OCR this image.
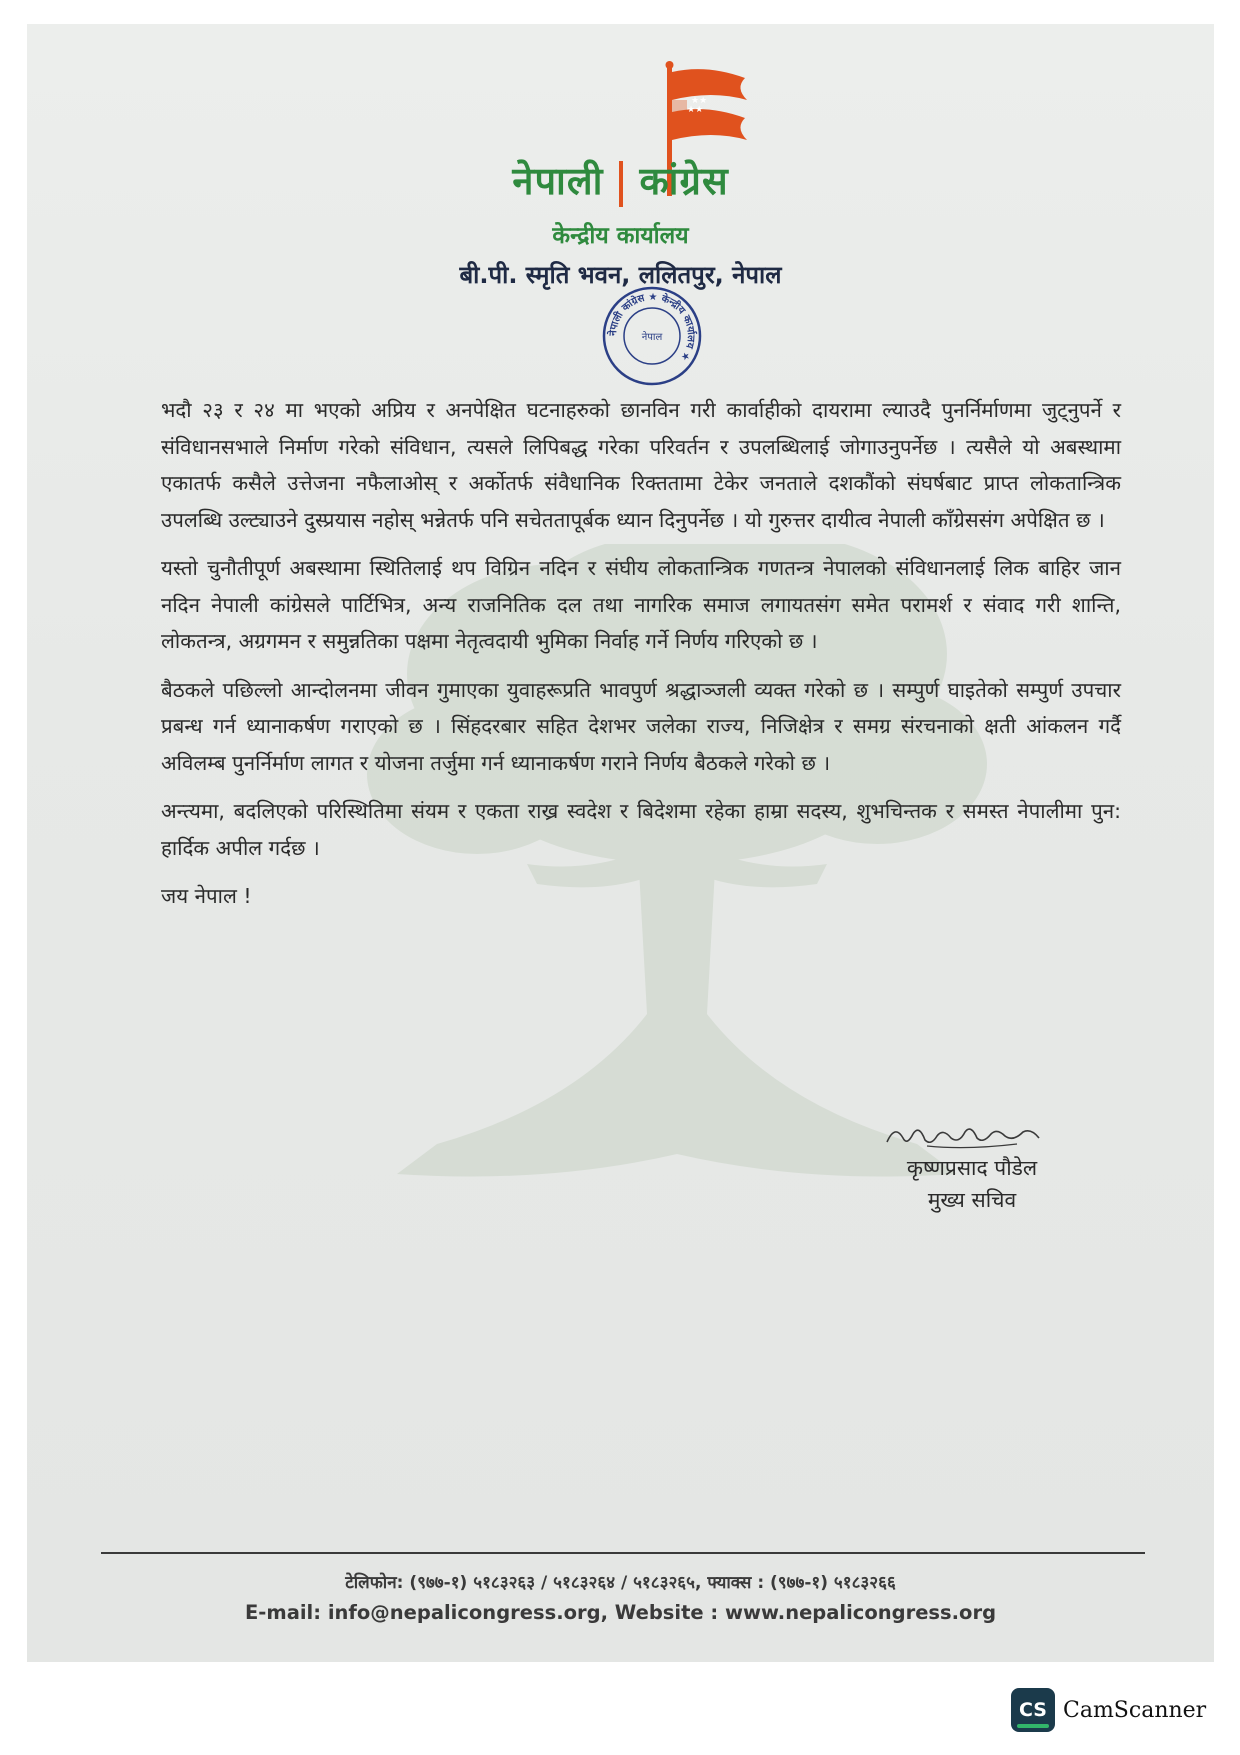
★★
★★
नेपाली कांग्रेस
केन्द्रीय कार्यालय
बी.पी. स्मृति भवन, ललितपुर, नेपाल
नेपाली कांग्रेस ★ केन्द्रीय कार्यालय ★
नेपाल

भदौ २३ र २४ मा भएको अप्रिय र अनपेक्षित घटनाहरुको छानविन गरी कार्वाहीको दायरामा ल्याउदै पुनर्निर्माणमा जुट्नुपर्ने र संविधानसभाले निर्माण गरेको संविधान, त्यसले लिपिबद्ध गरेका परिवर्तन र उपलब्धिलाई जोगाउनुपर्नेछ । त्यसैले यो अबस्थामा एकातर्फ कसैले उत्तेजना नफैलाओस् र अर्कोतर्फ संवैधानिक रिक्ततामा टेकेर जनताले दशकौंको संघर्षबाट प्राप्त लोकतान्त्रिक उपलब्धि उल्ट्याउने दुस्प्रयास नहोस् भन्नेतर्फ पनि सचेततापूर्बक ध्यान दिनुपर्नेछ । यो गुरुत्तर दायीत्व नेपाली काँग्रेससंग अपेक्षित छ ।

यस्तो चुनौतीपूर्ण अबस्थामा स्थितिलाई थप विग्रिन नदिन र संघीय लोकतान्त्रिक गणतन्त्र नेपालको संविधानलाई लिक बाहिर जान नदिन नेपाली कांग्रेसले पार्टिभित्र, अन्य राजनितिक दल तथा नागरिक समाज लगायतसंग समेत परामर्श र संवाद गरी शान्ति, लोकतन्त्र, अग्रगमन र समुन्नतिका पक्षमा नेतृत्वदायी भुमिका निर्वाह गर्ने निर्णय गरिएको छ ।

बैठकले पछिल्लो आन्दोलनमा जीवन गुमाएका युवाहरूप्रति भावपुर्ण श्रद्धाञ्जली व्यक्त गरेको छ । सम्पुर्ण घाइतेको सम्पुर्ण उपचार प्रबन्ध गर्न ध्यानाकर्षण गराएको छ । सिंहदरबार सहित देशभर जलेका राज्य, निजिक्षेत्र र समग्र संरचनाको क्षती आंकलन गर्दै अविलम्ब पुनर्निर्माण लागत र योजना तर्जुमा गर्न ध्यानाकर्षण गराने निर्णय बैठकले गरेको छ ।

अन्त्यमा, बदलिएको परिस्थितिमा संयम र एकता राख्र स्वदेश र बिदेशमा रहेका हाम्रा सदस्य, शुभचिन्तक र समस्त नेपालीमा पुन: हार्दिक अपील गर्दछ ।

जय नेपाल !

कृष्णप्रसाद पौडेल
मुख्य सचिव
टेलिफोन: (९७७-१) ५१८३२६३ / ५१८३२६४ / ५१८३२६५, फ्याक्स : (९७७-१) ५१८३२६६
E-mail: info@nepalicongress.org, Website : www.nepalicongress.org
CS CamScanner
